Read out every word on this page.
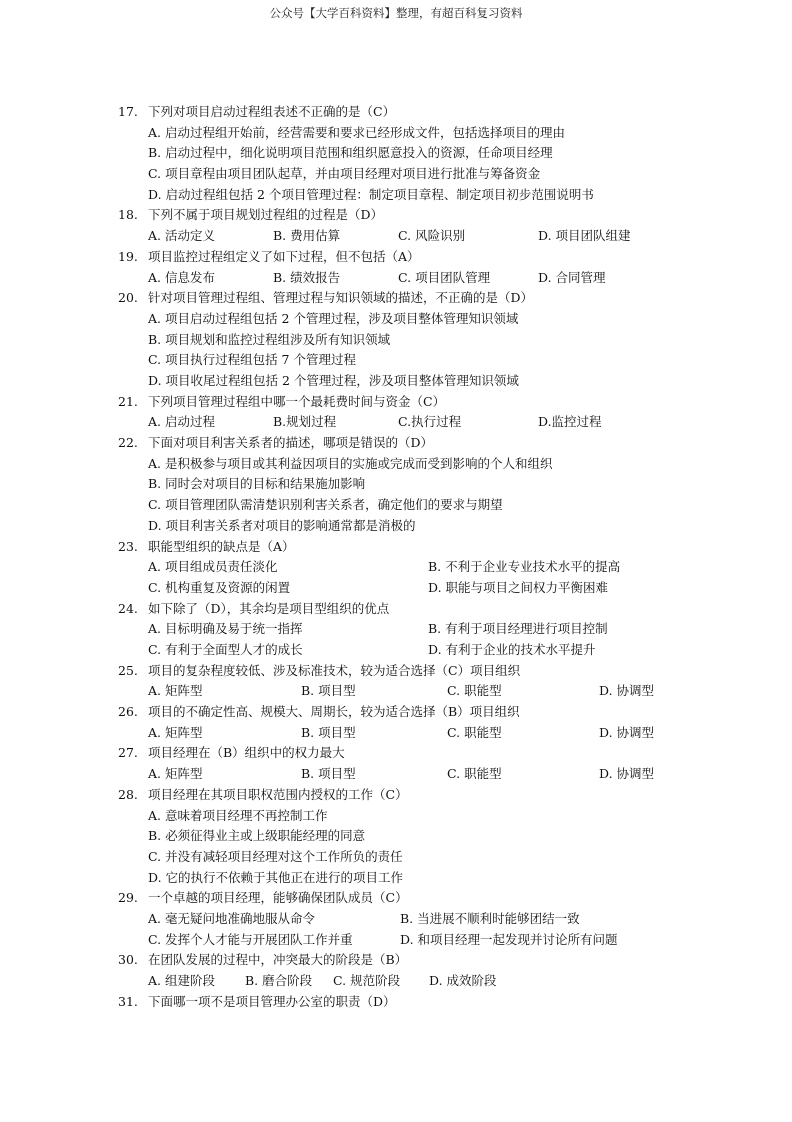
公众号【大学百科资料】整理，有超百科复习资料
17. 下列对项目启动过程组表述不正确的是（C）
A. 启动过程组开始前，经营需要和要求已经形成文件，包括选择项目的理由
B. 启动过程中，细化说明项目范围和组织愿意投入的资源，任命项目经理
C. 项目章程由项目团队起草，并由项目经理对项目进行批准与筹备资金
D. 启动过程组包括 2 个项目管理过程：制定项目章程、制定项目初步范围说明书
18. 下列不属于项目规划过程组的过程是（D）
A. 活动定义	B. 费用估算	C. 风险识别	D. 项目团队组建
19. 项目监控过程组定义了如下过程，但不包括（A）
A. 信息发布	B. 绩效报告	C. 项目团队管理	D. 合同管理
20. 针对项目管理过程组、管理过程与知识领域的描述，不正确的是（D）
A. 项目启动过程组包括 2 个管理过程，涉及项目整体管理知识领域
B. 项目规划和监控过程组涉及所有知识领域
C. 项目执行过程组包括 7 个管理过程
D. 项目收尾过程组包括 2 个管理过程，涉及项目整体管理知识领域
21. 下列项目管理过程组中哪一个最耗费时间与资金（C）
A. 启动过程	B.规划过程	C.执行过程	D.监控过程
22. 下面对项目利害关系者的描述，哪项是错误的（D）
A. 是积极参与项目或其利益因项目的实施或完成而受到影响的个人和组织
B. 同时会对项目的目标和结果施加影响
C. 项目管理团队需清楚识别利害关系者，确定他们的要求与期望
D. 项目利害关系者对项目的影响通常都是消极的
23. 职能型组织的缺点是（A）
A. 项目组成员责任淡化	B. 不利于企业专业技术水平的提高
C. 机构重复及资源的闲置	D. 职能与项目之间权力平衡困难
24. 如下除了（D），其余均是项目型组织的优点
A. 目标明确及易于统一指挥	B. 有利于项目经理进行项目控制
C. 有利于全面型人才的成长	D. 有利于企业的技术水平提升
25. 项目的复杂程度较低、涉及标准技术，较为适合选择（C）项目组织
A. 矩阵型	B. 项目型	C. 职能型	D. 协调型
26. 项目的不确定性高、规模大、周期长，较为适合选择（B）项目组织
A. 矩阵型	B. 项目型	C. 职能型	D. 协调型
27. 项目经理在（B）组织中的权力最大
A. 矩阵型	B. 项目型	C. 职能型	D. 协调型
28. 项目经理在其项目职权范围内授权的工作（C）
A. 意味着项目经理不再控制工作
B. 必须征得业主或上级职能经理的同意
C. 并没有减轻项目经理对这个工作所负的责任
D. 它的执行不依赖于其他正在进行的项目工作
29. 一个卓越的项目经理，能够确保团队成员（C）
A. 毫无疑问地准确地服从命令	B. 当进展不顺利时能够团结一致
C. 发挥个人才能与开展团队工作并重	D. 和项目经理一起发现并讨论所有问题
30. 在团队发展的过程中，冲突最大的阶段是（B）
A. 组建阶段	B. 磨合阶段	C. 规范阶段	D. 成效阶段
31. 下面哪一项不是项目管理办公室的职责（D）
